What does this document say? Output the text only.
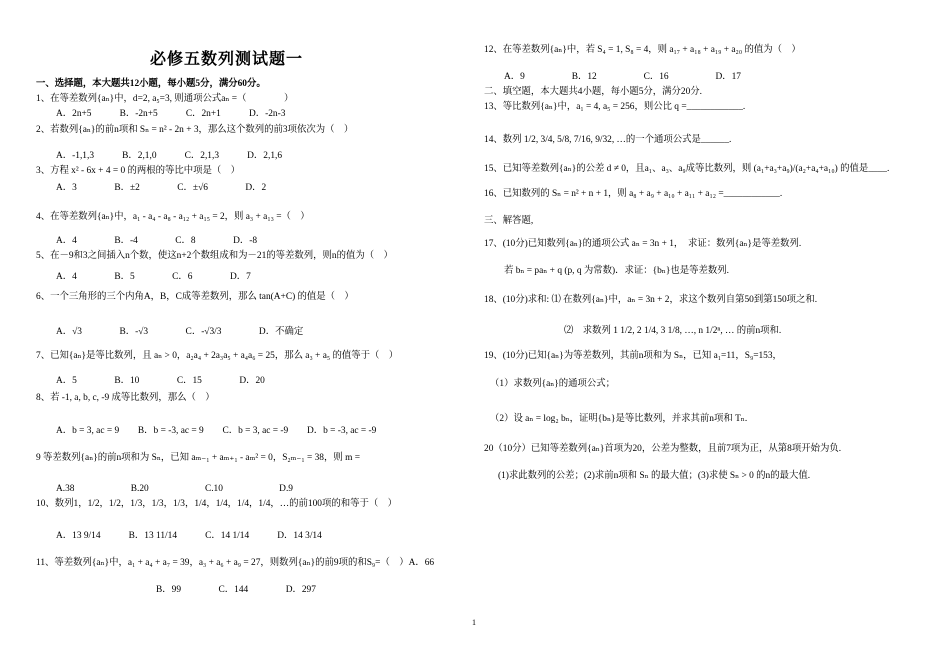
必修五数列测试题一
一、选择题，本大题共12小题，每小题5分，满分60分。
1、在等差数列{aₙ}中，d=2, a₅=3, 则通项公式aₙ =（　　　　）
A．2n+5　　　B．-2n+5　　　C．2n+1　　　D．-2n-3
2、若数列{aₙ}的前n项和 Sₙ = n² - 2n + 3，那么这个数列的前3项依次为（　）
A．-1,1,3　　　B．2,1,0　　　C．2,1,3　　　D．2,1,6
3、方程 x² - 6x + 4 = 0 的两根的等比中项是（　）
A．3　　　　B．±2　　　　C．±√6　　　　D．2
4、在等差数列{aₙ}中，a₁ - a₄ - a₈ - a₁₂ + a₁₅ = 2，则 a₃ + a₁₃ =（　）
A．4　　　　B．-4　　　　C．8　　　　D．-8
5、在－9和3之间插入n个数，使这n+2个数组成和为－21的等差数列，则n的值为（　）
A．4　　　　B．5　　　　C．6　　　　D．7
6、一个三角形的三个内角A，B，C成等差数列，那么 tan(A+C) 的值是（　）
A．√3　　　　B．-√3　　　　C．-√3/3　　　　D．不确定
7、已知{aₙ}是等比数列，且 aₙ > 0，a₂a₄ + 2a₃a₅ + a₄a₆ = 25，那么 a₃ + a₅ 的值等于（　）
A．5　　　　B．10　　　　C．15　　　　D．20
8、若 -1, a, b, c, -9 成等比数列，那么（　）
A．b = 3, ac = 9　　B．b = -3, ac = 9　　C．b = 3, ac = -9　　D．b = -3, ac = -9
9 等差数列{aₙ}的前n项和为 Sₙ，已知 aₘ₋₁ + aₘ₊₁ - aₘ² = 0，S₂ₘ₋₁ = 38，则 m =
A.38　　　　　　B.20　　　　　　C.10　　　　　　D.9
10、数列1，1/2，1/2，1/3，1/3，1/3，1/4，1/4，1/4，1/4，…的前100项的和等于（　）
A．13 9/14　　　B．13 11/14　　　C．14 1/14　　　D．14 3/14
11、等差数列{aₙ}中，a₁ + a₄ + a₇ = 39，a₃ + a₆ + a₉ = 27，则数列{aₙ}的前9项的和S₉=（　）A．66
B．99　　　　C．144　　　　D．297
12、在等差数列{aₙ}中，若 S₄ = 1, S₈ = 4，则 a₁₇ + a₁₈ + a₁₉ + a₂₀ 的值为（　）
A．9　　　　　B．12　　　　　C．16　　　　　D．17
二、填空题，本大题共4小题，每小题5分，满分20分.
13、等比数列{aₙ}中，a₁ = 4, a₅ = 256，则公比 q =____________.
14、数列 1/2, 3/4, 5/8, 7/16, 9/32, …的一个通项公式是______.
15、已知等差数列{aₙ}的公差 d ≠ 0，且a₁、a₃、a₉成等比数列，则 (a₁+a₃+a₉)/(a₂+a₄+a₁₀) 的值是____.
16、已知数列的 Sₙ = n² + n + 1，则 a₈ + a₉ + a₁₀ + a₁₁ + a₁₂ =____________.
三、解答题,
17、(10分)已知数列{aₙ}的通项公式 aₙ = 3n + 1，　求证：数列{aₙ}是等差数列.
若 bₙ = paₙ + q (p, q 为常数)．求证：{bₙ}也是等差数列.
18、(10分)求和: ⑴ 在数列{aₙ}中，aₙ = 3n + 2，求这个数列自第50到第150项之和.
⑵　求数列 1 1/2, 2 1/4, 3 1/8, …, n 1/2ⁿ, … 的前n项和.
19、(10分)已知{aₙ}为等差数列，其前n项和为 Sₙ，已知 a₁=11，S₉=153，
（1）求数列{aₙ}的通项公式；
（2）设 aₙ = log₂ bₙ，证明{bₙ}是等比数列，并求其前n项和 Tₙ.
20（10分）已知等差数列{aₙ}首项为20，公差为整数，且前7项为正，从第8项开始为负.
(1)求此数列的公差；(2)求前n项和 Sₙ 的最大值；(3)求使 Sₙ > 0 的n的最大值.
1
